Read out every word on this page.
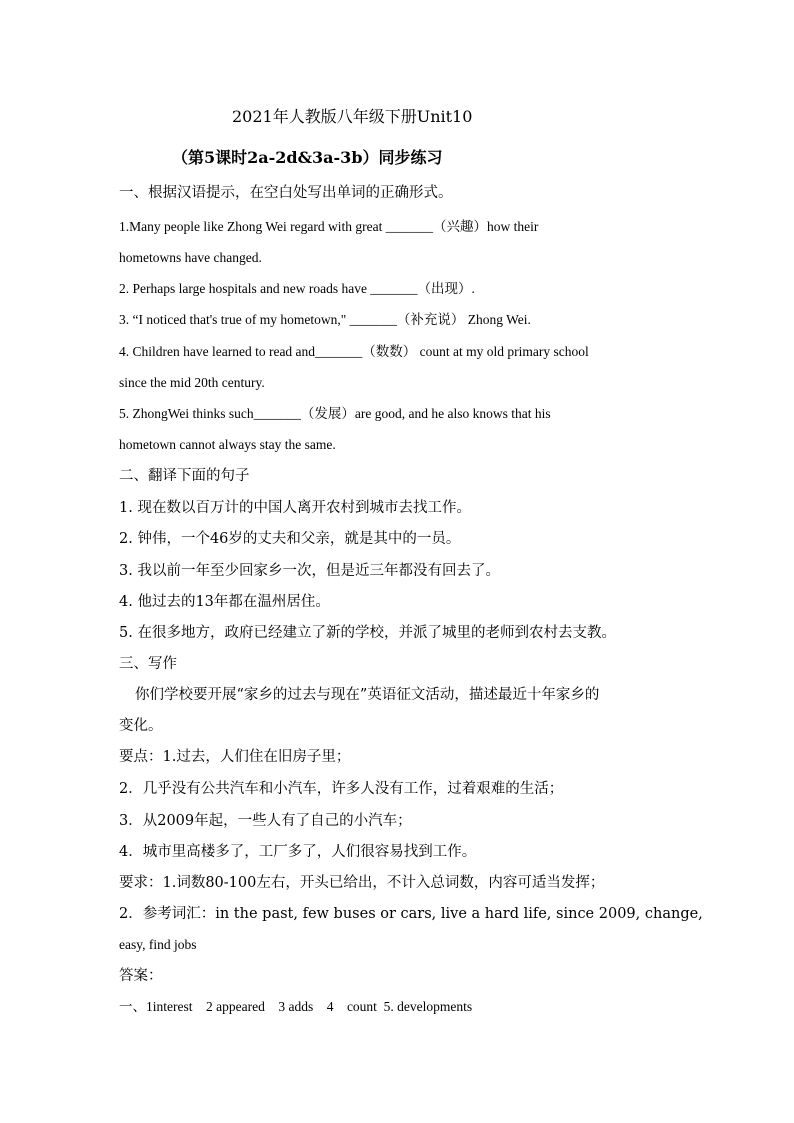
2021年人教版八年级下册Unit10
（第5课时2a-2d&3a-3b）同步练习
一、根据汉语提示，在空白处写出单词的正确形式。
1.Many people like Zhong Wei regard with great _______（兴趣）how their
hometowns have changed.
2. Perhaps large hospitals and new roads have _______（出现）.
3. “I noticed that's true of my hometown," _______（补充说） Zhong Wei.
4. Children have learned to read and_______（数数） count at my old primary school
since the mid 20th century.
5. ZhongWei thinks such_______（发展）are good, and he also knows that his
hometown cannot always stay the same.
二、翻译下面的句子
1. 现在数以百万计的中国人离开农村到城市去找工作。
2. 钟伟，一个46岁的丈夫和父亲，就是其中的一员。
3. 我以前一年至少回家乡一次，但是近三年都没有回去了。
4. 他过去的13年都在温州居住。
5. 在很多地方，政府已经建立了新的学校，并派了城里的老师到农村去支教。
三、写作
你们学校要开展“家乡的过去与现在”英语征文活动，描述最近十年家乡的
变化。
要点：1.过去，人们住在旧房子里；
2．几乎没有公共汽车和小汽车，许多人没有工作，过着艰难的生活；
3．从2009年起，一些人有了自己的小汽车；
4．城市里高楼多了，工厂多了，人们很容易找到工作。
要求：1.词数80-100左右，开头已给出，不计入总词数，内容可适当发挥；
2．参考词汇：in the past, few buses or cars, live a hard life, since 2009, change,
easy, find jobs
答案：
一、1interest    2 appeared    3 adds    4    count  5. developments
